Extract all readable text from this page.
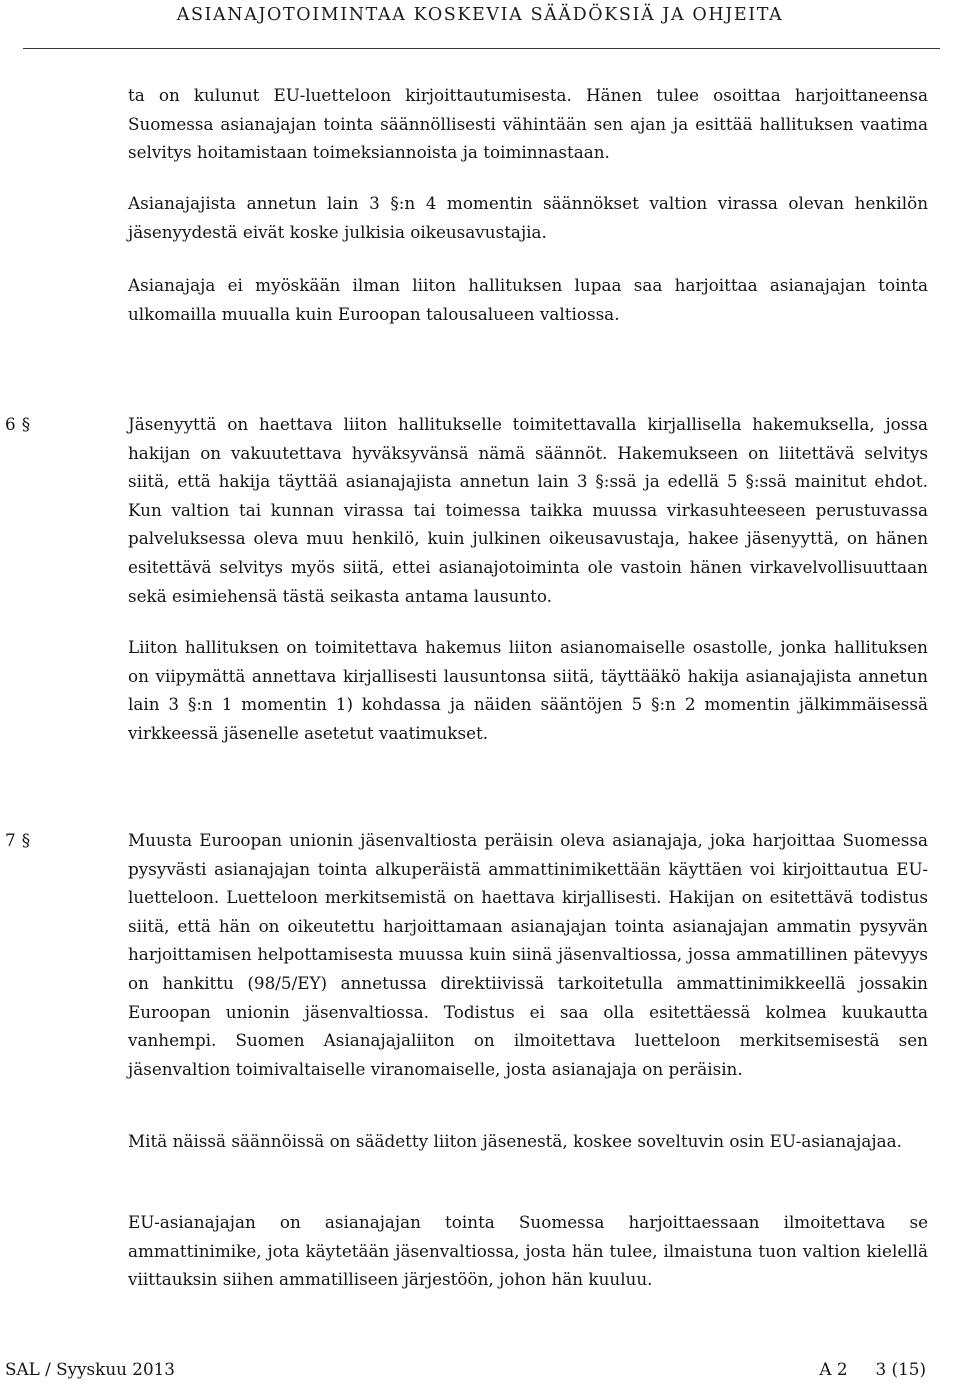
ASIANAJOTOIMINTAA KOSKEVIA SÄÄDÖKSIÄ JA OHJEITA

ta on kulunut EU-luetteloon kirjoittautumisesta. Hänen tulee osoittaa harjoittaneensa Suomessa asianajajan tointa säännöllisesti vähintään sen ajan ja esittää hallituksen vaatima selvitys hoitamistaan toimeksiannoista ja toiminnastaan.

Asianajajista annetun lain 3 §:n 4 momentin säännökset valtion virassa olevan henkilön jäsenyydestä eivät koske julkisia oikeusavustajia.

Asianajaja ei myöskään ilman liiton hallituksen lupaa saa harjoittaa asianajajan tointa ulkomailla muualla kuin Euroopan talousalueen valtiossa.

6 §	Jäsenyyttä on haettava liiton hallitukselle toimitettavalla kirjallisella hakemuksella, jossa hakijan on vakuutettava hyväksyvänsä nämä säännöt. Hakemukseen on liitettävä selvitys siitä, että hakija täyttää asianajajista annetun lain 3 §:ssä ja edellä 5 §:ssä mainitut ehdot. Kun valtion tai kunnan virassa tai toimessa taikka muussa virkasuhteeseen perustuvassa palveluksessa oleva muu henkilö, kuin julkinen oikeusavustaja, hakee jäsenyyttä, on hänen esitettävä selvitys myös siitä, ettei asianajotoiminta ole vastoin hänen virkavelvollisuuttaan sekä esimiehensä tästä seikasta antama lausunto.

Liiton hallituksen on toimitettava hakemus liiton asianomaiselle osastolle, jonka hallituksen on viipymättä annettava kirjallisesti lausuntonsa siitä, täyttääkö hakija asianajajista annetun lain 3 §:n 1 momentin 1) kohdassa ja näiden sääntöjen 5 §:n 2 momentin jälkimmäisessä virkkeessä jäsenelle asetetut vaatimukset.

7 §	Muusta Euroopan unionin jäsenvaltiosta peräisin oleva asianajaja, joka harjoittaa Suomessa pysyvästi asianajajan tointa alkuperäistä ammattinimikettään käyttäen voi kirjoittautua EU-luetteloon. Luetteloon merkitsemistä on haettava kirjallisesti. Hakijan on esitettävä todistus siitä, että hän on oikeutettu harjoittamaan asianajajan tointa asianajajan ammatin pysyvän harjoittamisen helpottamisesta muussa kuin siinä jäsenvaltiossa, jossa ammatillinen pätevyys on hankittu (98/5/EY) annetussa direktiivissä tarkoitetulla ammattinimikkeellä jossakin Euroopan unionin jäsenvaltiossa. Todistus ei saa olla esitettäessä kolmea kuukautta vanhempi. Suomen Asianajajaliiton on ilmoitettava luetteloon merkitsemisestä sen jäsenvaltion toimivaltaiselle viranomaiselle, josta asianajaja on peräisin.

Mitä näissä säännöissä on säädetty liiton jäsenestä, koskee soveltuvin osin EU-asianajajaa.

EU-asianajajan on asianajajan tointa Suomessa harjoittaessaan ilmoitettava se ammattinimike, jota käytetään jäsenvaltiossa, josta hän tulee, ilmaistuna tuon valtion kielellä viittauksin siihen ammatilliseen järjestöön, johon hän kuuluu.

SAL / Syyskuu 2013	A 2 3 (15)
